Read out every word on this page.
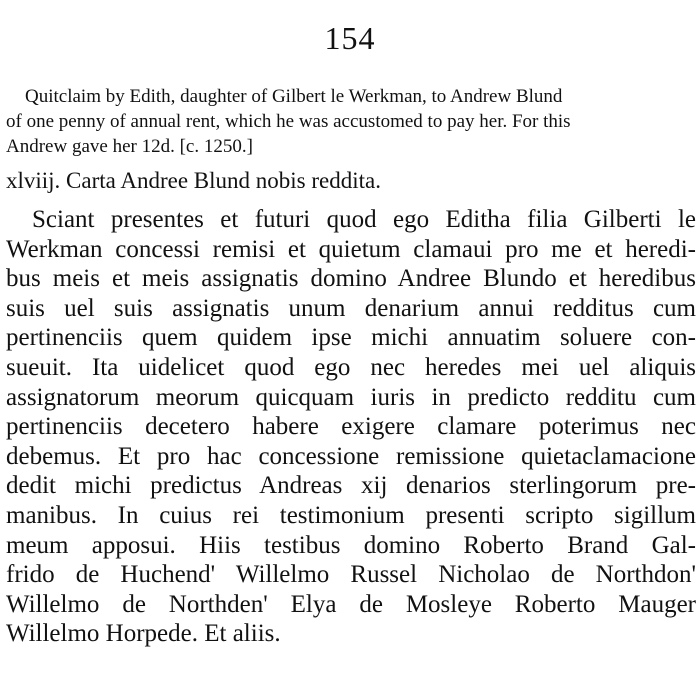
154

Quitclaim by Edith, daughter of Gilbert le Werkman, to Andrew Blund
of one penny of annual rent, which he was accustomed to pay her. For this
Andrew gave her 12d. [c. 1250.]

xlviij. Carta Andree Blund nobis reddita.

Sciant presentes et futuri quod ego Editha filia Gilberti le
Werkman concessi remisi et quietum clamaui pro me et heredi-
bus meis et meis assignatis domino Andree Blundo et heredibus
suis uel suis assignatis unum denarium annui redditus cum
pertinenciis quem quidem ipse michi annuatim soluere con-
sueuit. Ita uidelicet quod ego nec heredes mei uel aliquis
assignatorum meorum quicquam iuris in predicto redditu cum
pertinenciis decetero habere exigere clamare poterimus nec
debemus. Et pro hac concessione remissione quietaclamacione
dedit michi predictus Andreas xij denarios sterlingorum pre-
manibus. In cuius rei testimonium presenti scripto sigillum
meum apposui. Hiis testibus domino Roberto Brand Gal-
frido de Huchend' Willelmo Russel Nicholao de Northdon'
Willelmo de Northden' Elya de Mosleye Roberto Mauger
Willelmo Horpede. Et aliis.
